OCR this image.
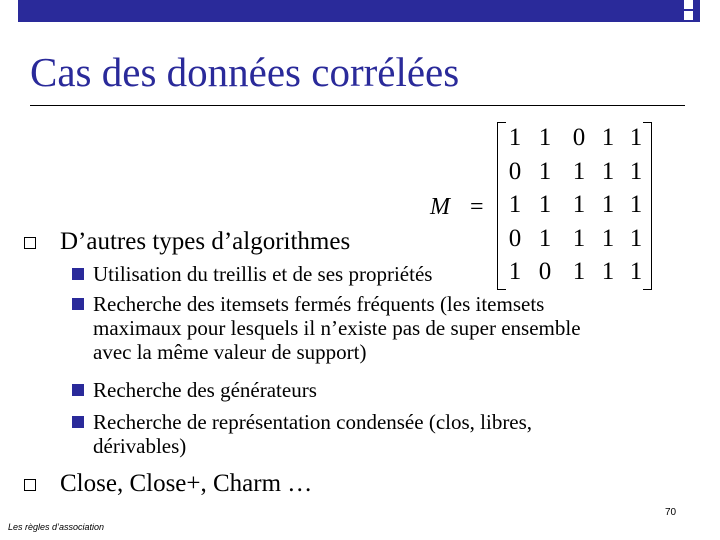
Cas des données corrélées
M =
1 1 0 1 1
0 1 1 1 1
1 1 1 1 1
0 1 1 1 1
1 0 1 1 1
D’autres types d’algorithmes
Utilisation du treillis et de ses propriétés
Recherche des itemsets fermés fréquents (les itemsets
maximaux pour lesquels il n’existe pas de super ensemble
avec la même valeur de support)
Recherche des générateurs
Recherche de représentation condensée (clos, libres,
dérivables)
Close, Close+, Charm …
Les règles d’association
70
